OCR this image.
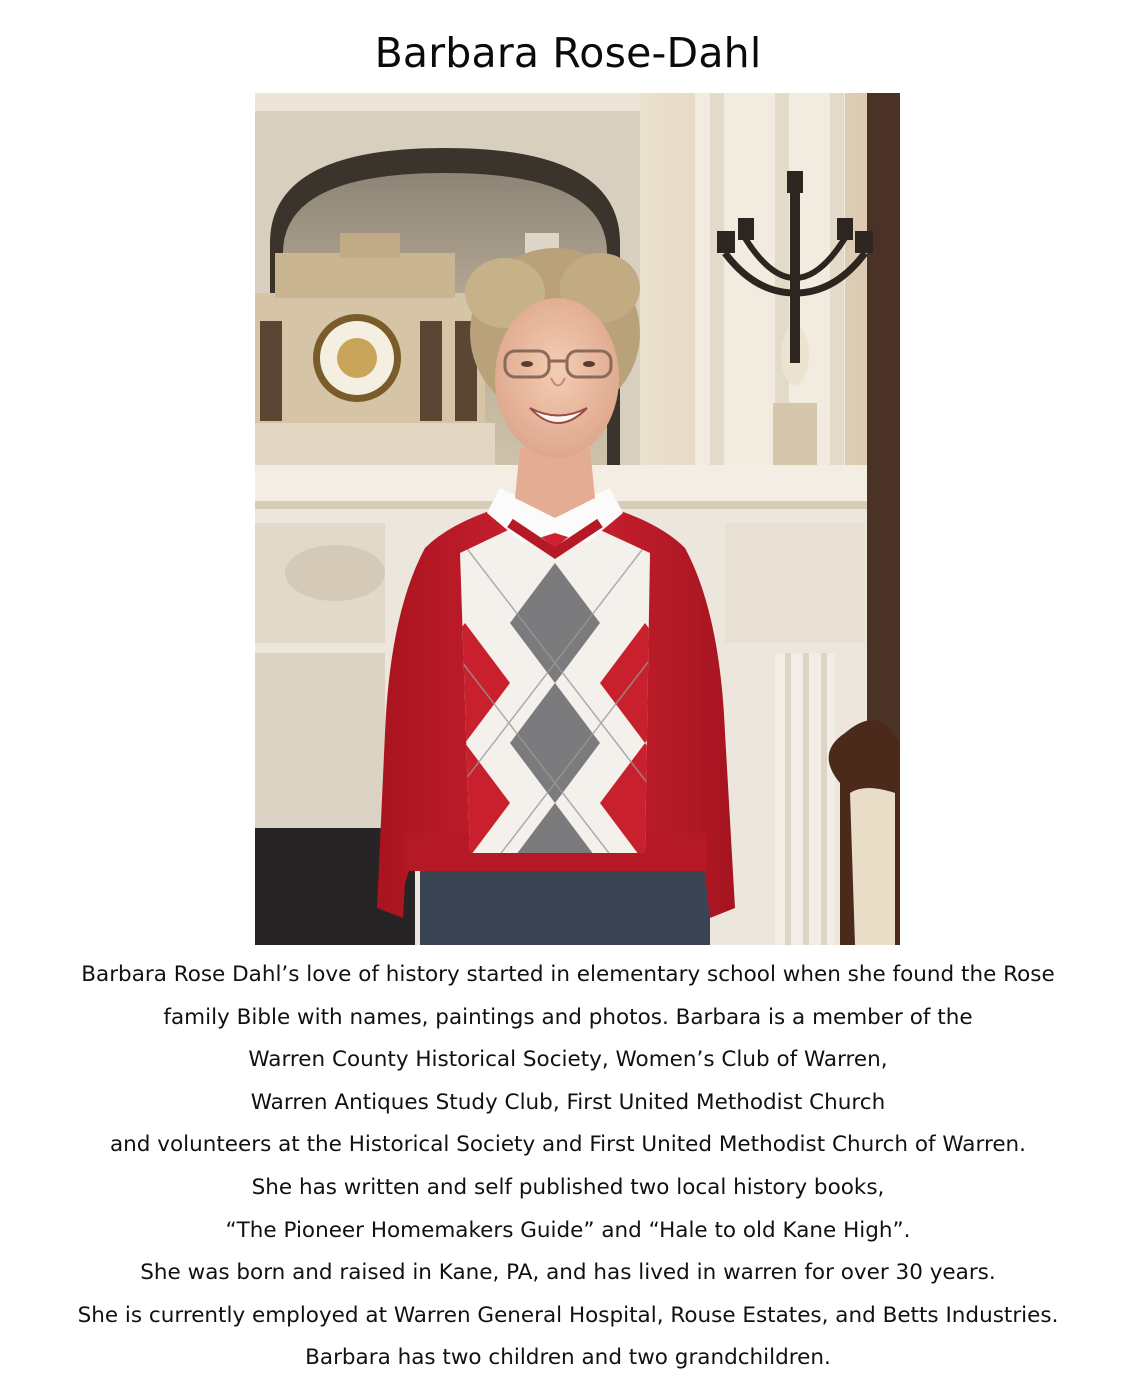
Barbara Rose-Dahl
Barbara Rose Dahl’s love of history started in elementary school when she found the Rose
family Bible with names, paintings and photos. Barbara is a member of the
Warren County Historical Society, Women’s Club of Warren,
Warren Antiques Study Club, First United Methodist Church
and volunteers at the Historical Society and First United Methodist Church of Warren.
She has written and self published two local history books,
“The Pioneer Homemakers Guide” and “Hale to old Kane High”.
She was born and raised in Kane, PA, and has lived in warren for over 30 years.
She is currently employed at Warren General Hospital, Rouse Estates, and Betts Industries.
Barbara has two children and two grandchildren.
